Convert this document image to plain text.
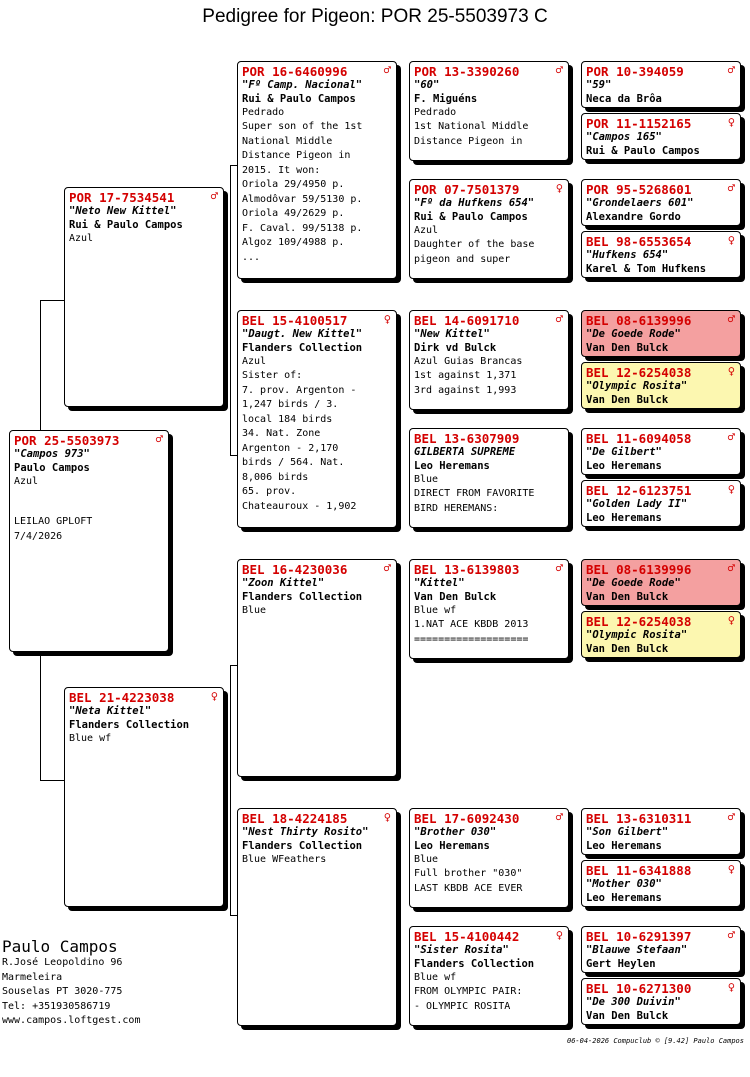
Pedigree for Pigeon: POR 25-5503973 C
POR 25-5503973	♂
"Campos 973"
Paulo Campos
Azul
LEILAO GPLOFT
7/4/2026
POR 17-7534541	♂
"Neto New Kittel"
Rui & Paulo Campos
Azul
BEL 21-4223038	♀
"Neta Kittel"
Flanders Collection
Blue wf
POR 16-6460996	♂
"Fº Camp. Nacional"
Rui & Paulo Campos
Pedrado
Super son of the 1st
National Middle
Distance Pigeon in
2015. It won:
Oriola 29/4950 p.
Almodôvar 59/5130 p.
Oriola 49/2629 p.
F. Caval. 99/5138 p.
Algoz 109/4988 p.
...
BEL 15-4100517	♀
"Daugt. New Kittel"
Flanders Collection
Azul
Sister of:
7. prov. Argenton -
1,247 birds / 3.
local 184 birds
34. Nat. Zone
Argenton - 2,170
birds / 564. Nat.
8,006 birds
65. prov.
Chateauroux - 1,902
BEL 16-4230036	♂
"Zoon Kittel"
Flanders Collection
Blue
BEL 18-4224185	♀
"Nest Thirty Rosito"
Flanders Collection
Blue WFeathers
POR 13-3390260	♂
"60"
F. Miguéns
Pedrado
1st National Middle
Distance Pigeon in
POR 07-7501379	♀
"Fº da Hufkens 654"
Rui & Paulo Campos
Azul
Daughter of the base
pigeon and super
BEL 14-6091710	♂
"New Kittel"
Dirk vd Bulck
Azul Guias Brancas
1st against 1,371
3rd against 1,993
BEL 13-6307909
GILBERTA SUPREME
Leo Heremans
Blue
DIRECT FROM FAVORITE
BIRD HEREMANS:
BEL 13-6139803	♂
"Kittel"
Van Den Bulck
Blue wf
1.NAT ACE KBDB 2013
===================
BEL 17-6092430	♂
"Brother 030"
Leo Heremans
Blue
Full brother "030"
LAST KBDB ACE EVER
BEL 15-4100442	♀
"Sister Rosita"
Flanders Collection
Blue wf
FROM OLYMPIC PAIR:
- OLYMPIC ROSITA
POR 10-394059	♂
"59"
Neca da Brôa
POR 11-1152165	♀
"Campos 165"
Rui & Paulo Campos
POR 95-5268601	♂
"Grondelaers 601"
Alexandre Gordo
BEL 98-6553654	♀
"Hufkens 654"
Karel & Tom Hufkens
BEL 08-6139996	♂
"De Goede Rode"
Van Den Bulck
BEL 12-6254038	♀
"Olympic Rosita"
Van Den Bulck
BEL 11-6094058	♂
"De Gilbert"
Leo Heremans
BEL 12-6123751	♀
"Golden Lady II"
Leo Heremans
BEL 08-6139996	♂
"De Goede Rode"
Van Den Bulck
BEL 12-6254038	♀
"Olympic Rosita"
Van Den Bulck
BEL 13-6310311	♂
"Son Gilbert"
Leo Heremans
BEL 11-6341888	♀
"Mother 030"
Leo Heremans
BEL 10-6291397	♂
"Blauwe Stefaan"
Gert Heylen
BEL 10-6271300	♀
"De 300 Duivin"
Van Den Bulck
Paulo Campos
R.José Leopoldino 96
Marmeleira
Souselas PT 3020-775
Tel: +351930586719
www.campos.loftgest.com
06-04-2026 Compuclub © [9.42] Paulo Campos
